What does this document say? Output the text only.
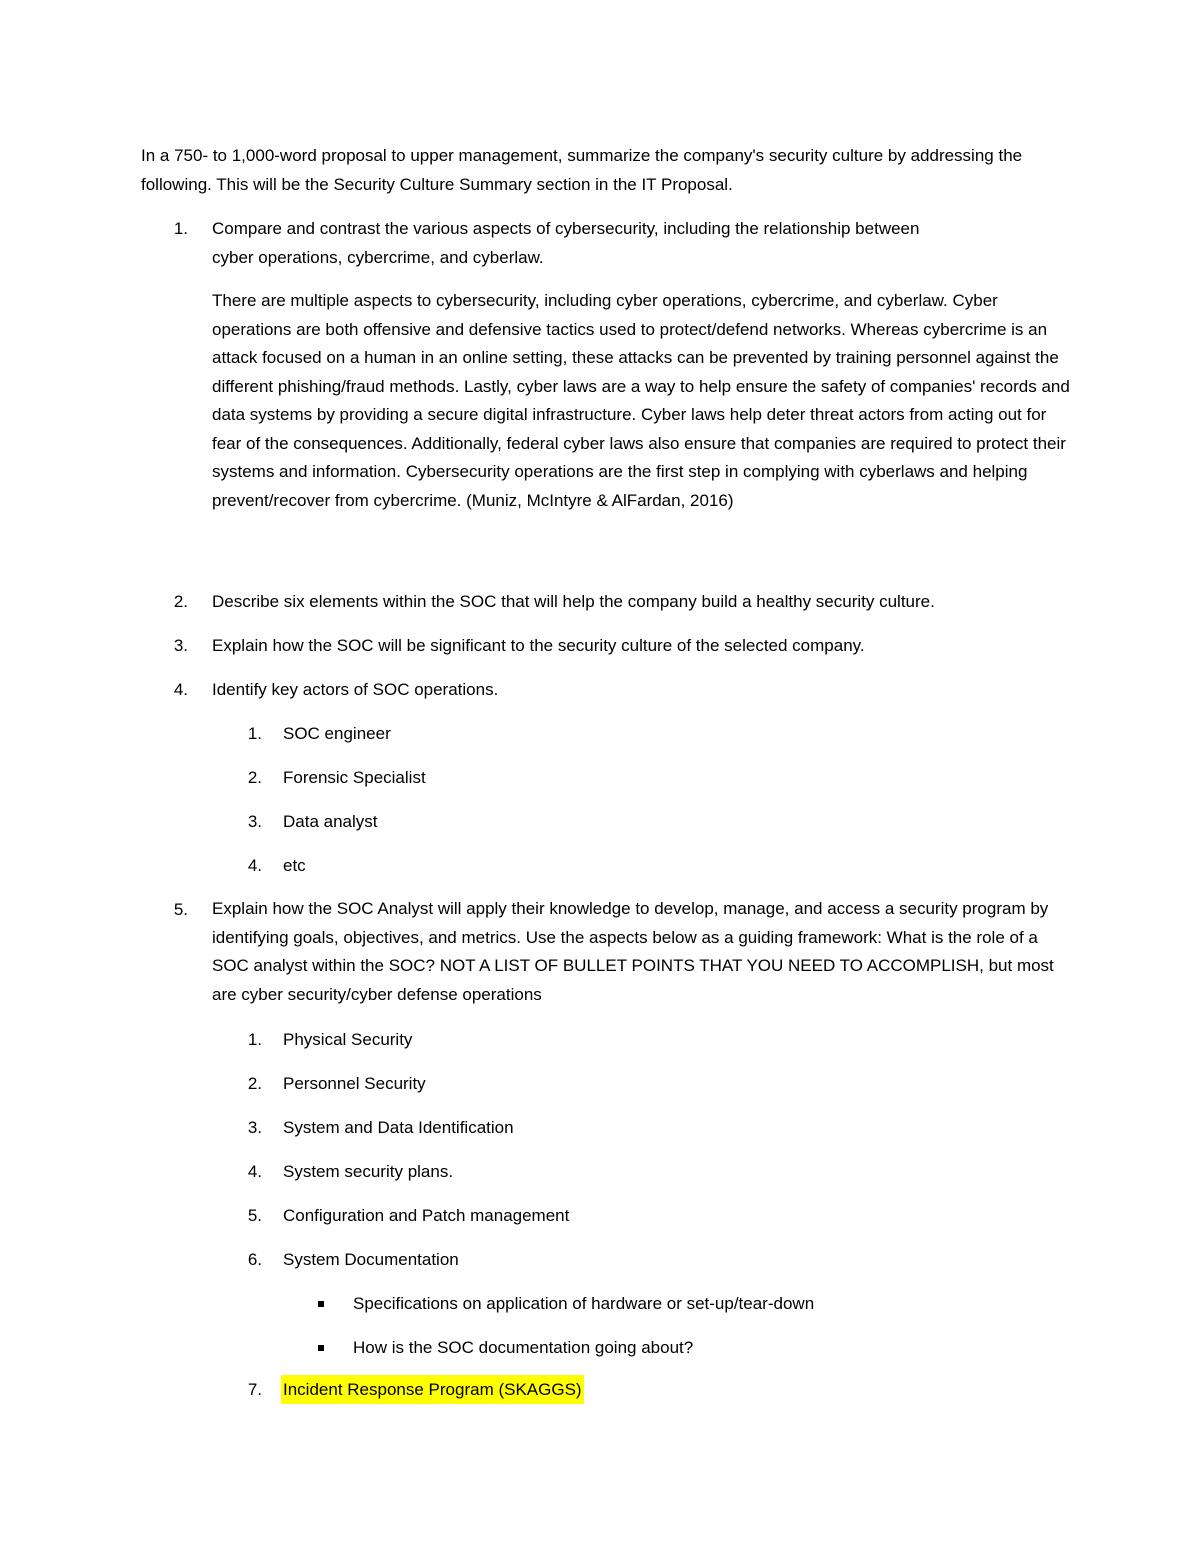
In a 750- to 1,000-word proposal to upper management, summarize the company's security culture by addressing the following. This will be the Security Culture Summary section in the IT Proposal.

1. Compare and contrast the various aspects of cybersecurity, including the relationship between
cyber operations, cybercrime, and cyberlaw.

There are multiple aspects to cybersecurity, including cyber operations, cybercrime, and cyberlaw. Cyber operations are both offensive and defensive tactics used to protect/defend networks. Whereas cybercrime is an attack focused on a human in an online setting, these attacks can be prevented by training personnel against the different phishing/fraud methods. Lastly, cyber laws are a way to help ensure the safety of companies' records and data systems by providing a secure digital infrastructure. Cyber laws help deter threat actors from acting out for fear of the consequences. Additionally, federal cyber laws also ensure that companies are required to protect their systems and information. Cybersecurity operations are the first step in complying with cyberlaws and helping prevent/recover from cybercrime. (Muniz, McIntyre & AlFardan, 2016)

2. Describe six elements within the SOC that will help the company build a healthy security culture.
3. Explain how the SOC will be significant to the security culture of the selected company.
4. Identify key actors of SOC operations.
1. SOC engineer
2. Forensic Specialist
3. Data analyst
4. etc
5. Explain how the SOC Analyst will apply their knowledge to develop, manage, and access a security program by identifying goals, objectives, and metrics. Use the aspects below as a guiding framework: What is the role of a SOC analyst within the SOC? NOT A LIST OF BULLET POINTS THAT YOU NEED TO ACCOMPLISH, but most are cyber security/cyber defense operations

1. Physical Security
2. Personnel Security
3. System and Data Identification
4. System security plans.
5. Configuration and Patch management
6. System Documentation
Specifications on application of hardware or set-up/tear-down
How is the SOC documentation going about?
7. Incident Response Program (SKAGGS)
